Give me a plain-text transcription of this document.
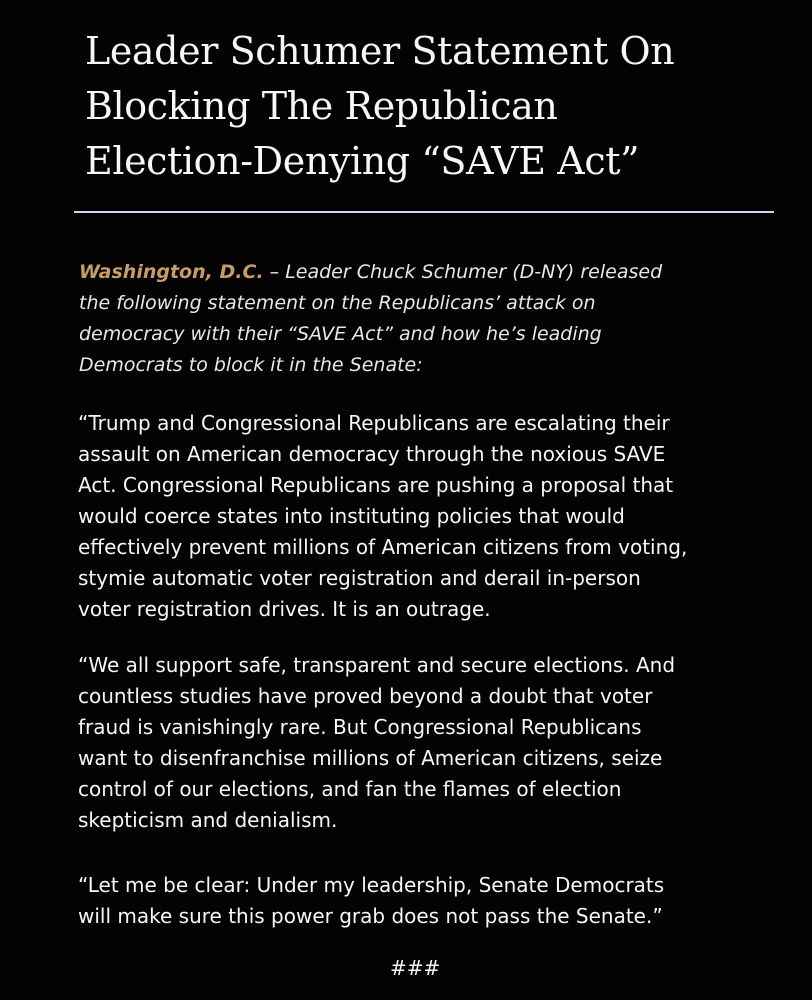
Leader Schumer Statement On
Blocking The Republican
Election-Denying “SAVE Act”

Washington, D.C. – Leader Chuck Schumer (D-NY) released
the following statement on the Republicans’ attack on
democracy with their “SAVE Act” and how he’s leading
Democrats to block it in the Senate:

“Trump and Congressional Republicans are escalating their
assault on American democracy through the noxious SAVE
Act. Congressional Republicans are pushing a proposal that
would coerce states into instituting policies that would
effectively prevent millions of American citizens from voting,
stymie automatic voter registration and derail in-person
voter registration drives. It is an outrage.

“We all support safe, transparent and secure elections. And
countless studies have proved beyond a doubt that voter
fraud is vanishingly rare. But Congressional Republicans
want to disenfranchise millions of American citizens, seize
control of our elections, and fan the flames of election
skepticism and denialism.

“Let me be clear: Under my leadership, Senate Democrats
will make sure this power grab does not pass the Senate.”

###
